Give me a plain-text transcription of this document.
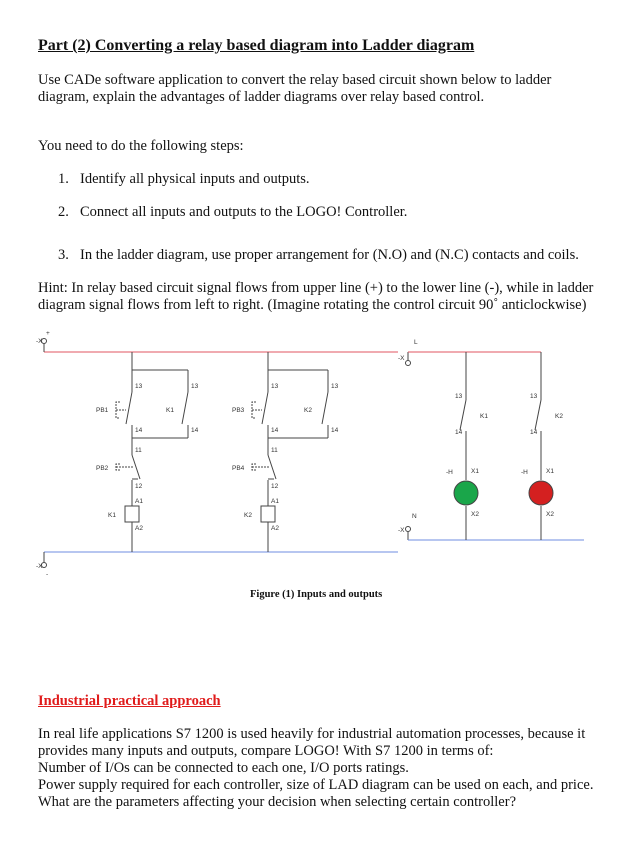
Part (2) Converting a relay based diagram into Ladder diagram
Use CADe software application to convert the relay based circuit shown below to ladder
diagram, explain the advantages of ladder diagrams over relay based control.
You need to do the following steps:
1. Identify all physical inputs and outputs.
2. Connect all inputs and outputs to the LOGO! Controller.
3. In the ladder diagram, use proper arrangement for (N.O) and (N.C) contacts and coils.
Hint: In relay based circuit signal flows from upper line (+) to the lower line (-), while in ladder
diagram signal flows from left to right. (Imagine rotating the control circuit 90˚ anticlockwise)
+
-X
-
-X
PB1
PB2
K1
K1	PB3
PB4
K2
K2
13
14
13
14
11
12
A1
A2
13
14
13
14
11
12
A1
A2
L
-X
N
-X
13
K1
14
-H	X1
X2
13
K2
14
-H	X1
X2
Figure (1) Inputs and outputs
Industrial practical approach
In real life applications S7 1200 is used heavily for industrial automation processes, because it
provides many inputs and outputs, compare LOGO! With S7 1200 in terms of:
Number of I/Os can be connected to each one, I/O ports ratings.
Power supply required for each controller, size of LAD diagram can be used on each, and price.
What are the parameters affecting your decision when selecting certain controller?
